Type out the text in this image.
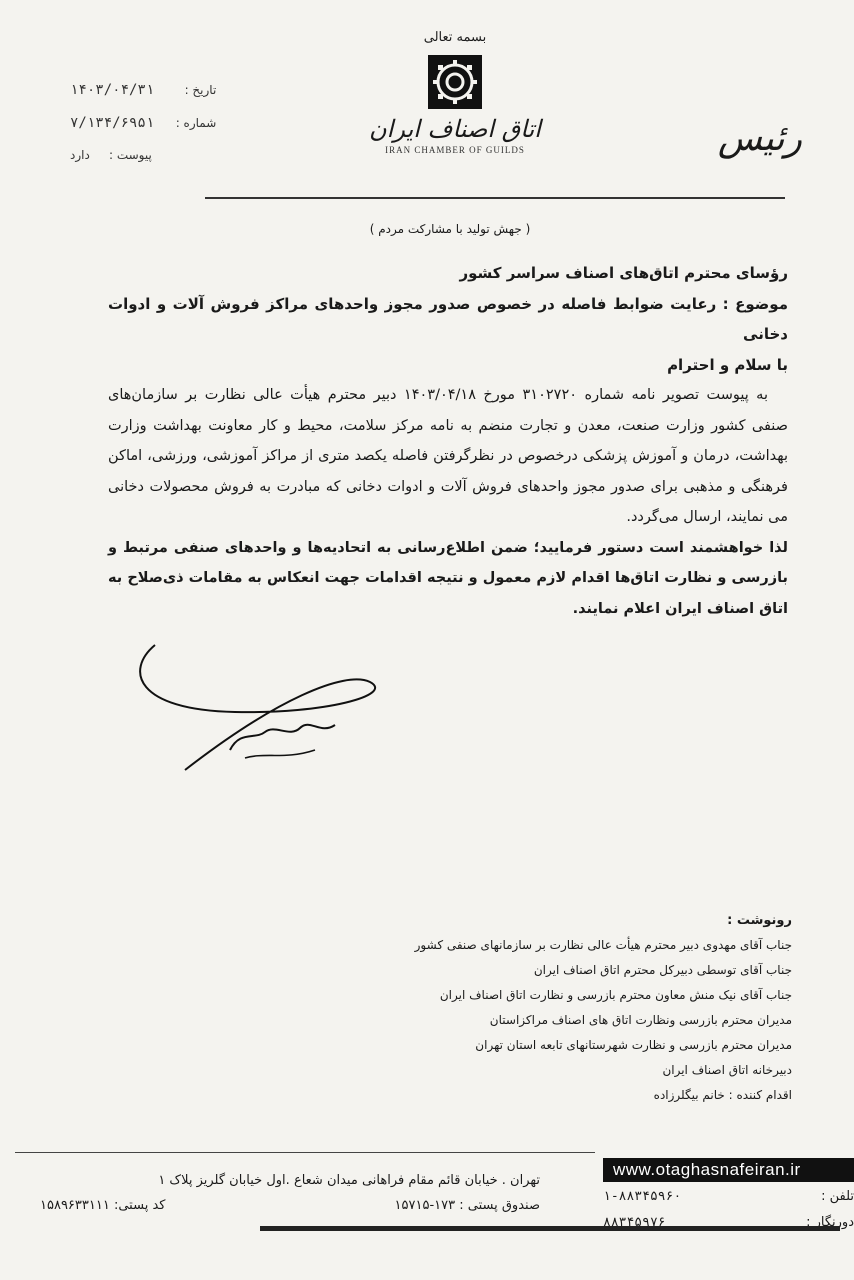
تاریخ :
۱۴۰۳/۰۴/۳۱
شماره :
۷/۱۳۴/۶۹۵۱
پیوست :
دارد
بسمه تعالی
اتاق اصناف ایران
IRAN CHAMBER OF GUILDS	رئیس
( جهش تولید با مشارکت مردم )
رؤسای محترم اتاق‌های اصناف سراسر کشور
موضوع : رعایت ضوابط فاصله در خصوص صدور مجوز واحدهای مراکز فروش آلات و ادوات دخانی
با سلام و احترام
به پیوست تصویر نامه شماره ۳۱۰۲۷۲۰ مورخ ۱۴۰۳/۰۴/۱۸ دبیر محترم هیأت عالی نظارت بر سازمان‌های صنفی کشور وزارت صنعت، معدن و تجارت منضم به نامه مرکز سلامت، محیط و کار معاونت بهداشت وزارت بهداشت، درمان و آموزش پزشکی درخصوص در نظرگرفتن فاصله یکصد متری از مراکز آموزشی، ورزشی، اماکن فرهنگی و مذهبی برای صدور مجوز واحدهای فروش آلات و ادوات دخانی که مبادرت به فروش محصولات دخانی می نمایند، ارسال می‌گردد.
لذا خواهشمند است دستور فرمایید؛ ضمن اطلاع‌رسانی به اتحادیه‌ها و واحدهای صنفی مرتبط و بازرسی و نظارت اتاق‌ها اقدام لازم معمول و نتیجه اقدامات جهت انعکاس به مقامات ذی‌صلاح به اتاق اصناف ایران اعلام نمایند.
رونوشت :
جناب آقای مهدوی دبیر محترم هیأت عالی نظارت بر سازمانهای صنفی کشور
جناب آقای توسطی دبیرکل محترم اتاق اصناف ایران
جناب آقای نیک منش معاون محترم بازرسی و نظارت اتاق اصناف ایران
مدیران محترم بازرسی ونظارت اتاق های اصناف مراکزاستان
مدیران محترم بازرسی و نظارت شهرستانهای تابعه استان تهران
دبیرخانه اتاق اصناف ایران
اقدام کننده : خانم بیگلرزاده
تهران . خیابان قائم مقام فراهانی میدان شعاع .اول خیابان گلریز پلاک ۱
صندوق پستی : ۱۷۳-۱۵۷۱۵
کد پستی: ۱۵۸۹۶۳۳۱۱۱
www.otaghasnafeiran.ir
تلفن :
۱-۸۸۳۴۵۹۶۰
دورنگار :
۸۸۳۴۵۹۷۶
